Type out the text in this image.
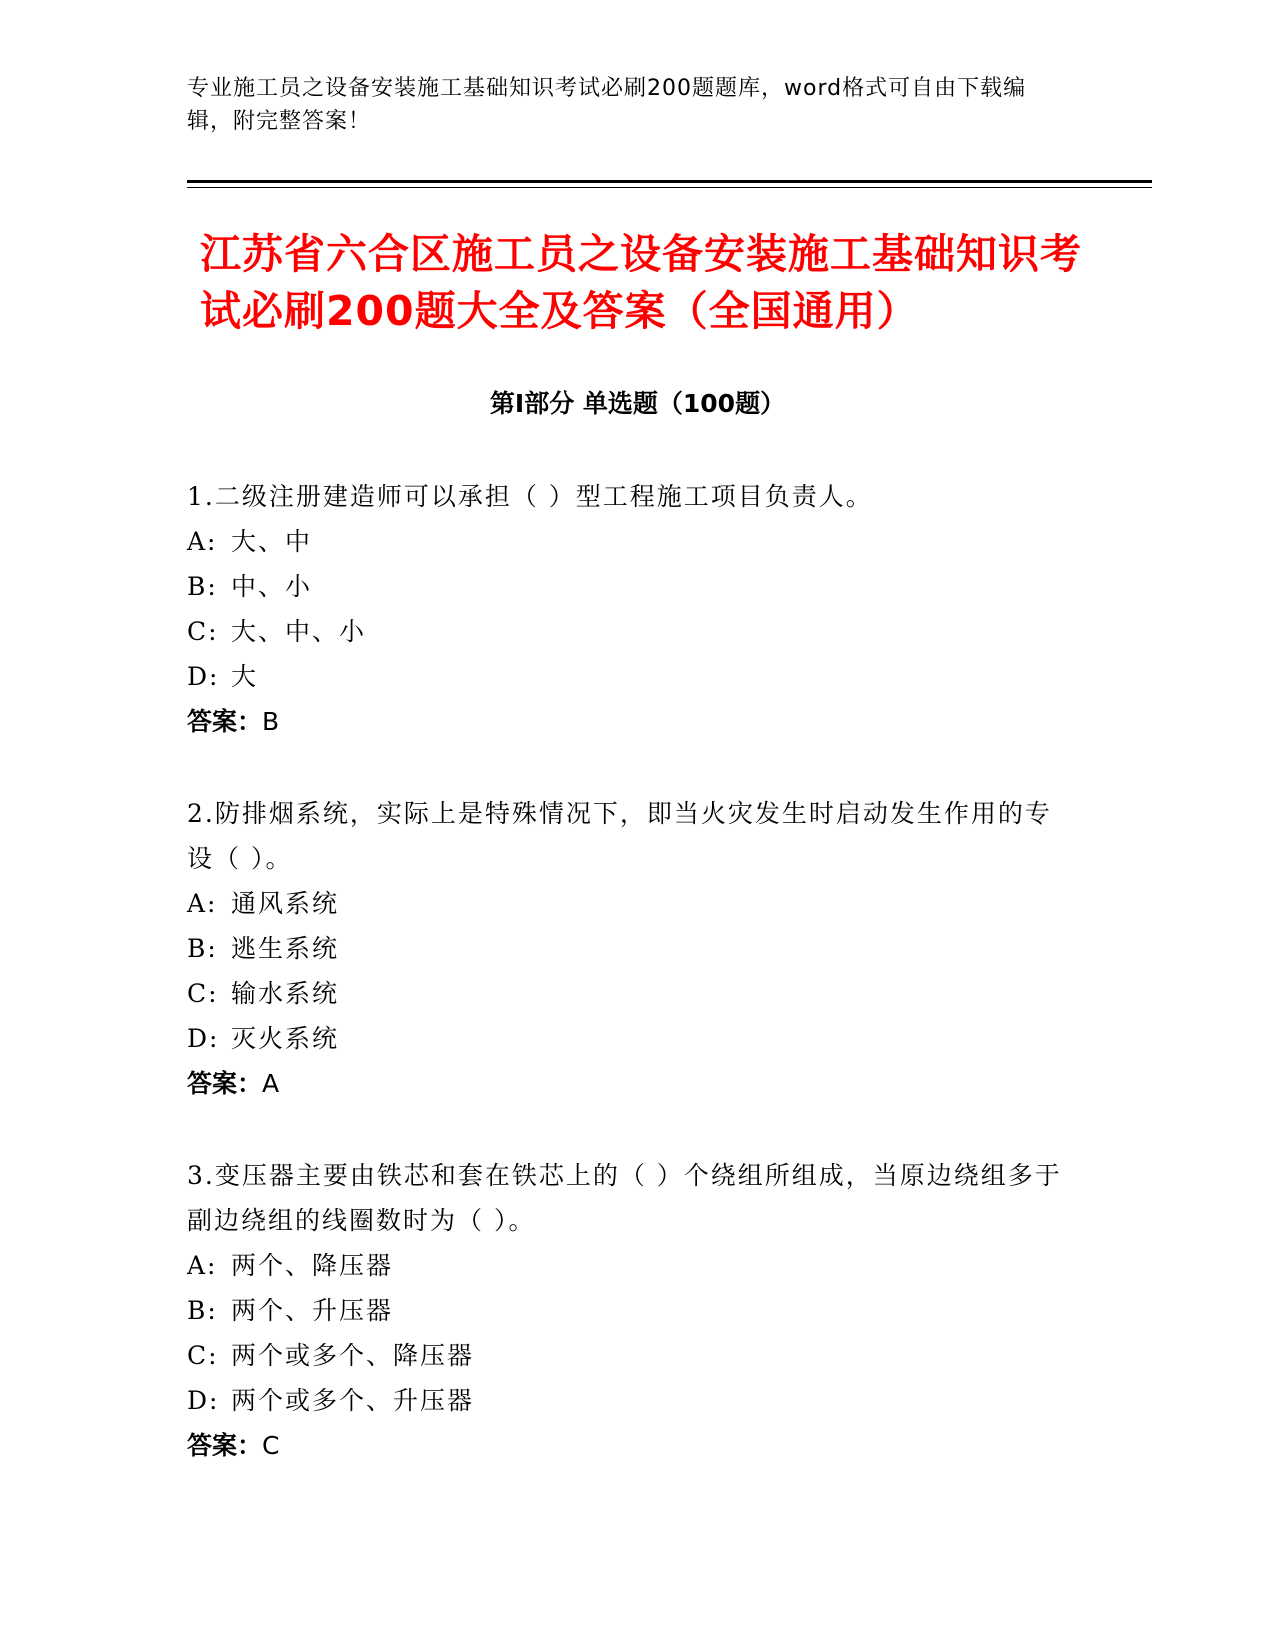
专业施工员之设备安装施工基础知识考试必刷200题题库，word格式可自由下载编辑，附完整答案！
江苏省六合区施工员之设备安装施工基础知识考试必刷200题大全及答案（全国通用）
第Ⅰ部分 单选题（100题）
1.二级注册建造师可以承担（ ）型工程施工项目负责人。
A: 大、中
B: 中、小
C: 大、中、小
D: 大
答案：B
2.防排烟系统，实际上是特殊情况下，即当火灾发生时启动发生作用的专设（ ）。
A: 通风系统
B: 逃生系统
C: 输水系统
D: 灭火系统
答案：A
3.变压器主要由铁芯和套在铁芯上的（ ）个绕组所组成，当原边绕组多于副边绕组的线圈数时为（ ）。
A: 两个、降压器
B: 两个、升压器
C: 两个或多个、降压器
D: 两个或多个、升压器
答案：C
